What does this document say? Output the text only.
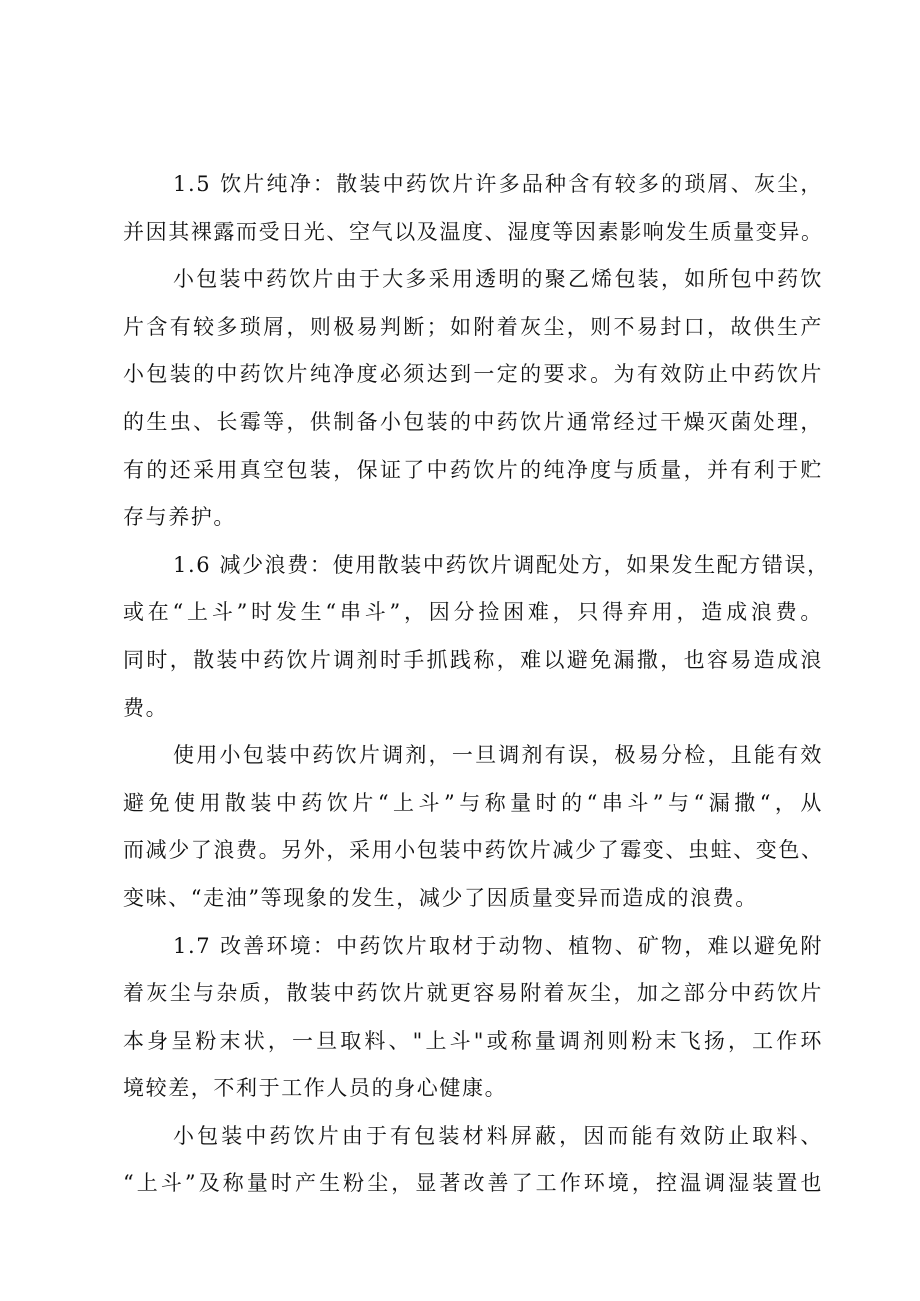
1.5 饮片纯净：散装中药饮片许多品种含有较多的琐屑、灰尘，
并因其裸露而受日光、空气以及温度、湿度等因素影响发生质量变异。
小包装中药饮片由于大多采用透明的聚乙烯包装，如所包中药饮
片含有较多琐屑，则极易判断；如附着灰尘，则不易封口，故供生产
小包装的中药饮片纯净度必须达到一定的要求。为有效防止中药饮片
的生虫、长霉等，供制备小包装的中药饮片通常经过干燥灭菌处理，
有的还采用真空包装，保证了中药饮片的纯净度与质量，并有利于贮
存与养护。
1.6 减少浪费：使用散装中药饮片调配处方，如果发生配方错误，
或在“上斗”时发生“串斗”，因分捡困难，只得弃用，造成浪费。
同时，散装中药饮片调剂时手抓践称，难以避免漏撒，也容易造成浪
费。
使用小包装中药饮片调剂，一旦调剂有误，极易分检，且能有效
避免使用散装中药饮片“上斗”与称量时的“串斗”与“漏撒“，从
而减少了浪费。另外，采用小包装中药饮片减少了霉变、虫蛀、变色、
变味、“走油”等现象的发生，减少了因质量变异而造成的浪费。
1.7 改善环境：中药饮片取材于动物、植物、矿物，难以避免附
着灰尘与杂质，散装中药饮片就更容易附着灰尘，加之部分中药饮片
本身呈粉末状，一旦取料、"上斗"或称量调剂则粉末飞扬，工作环
境较差，不利于工作人员的身心健康。
小包装中药饮片由于有包装材料屏蔽，因而能有效防止取料、
“上斗”及称量时产生粉尘，显著改善了工作环境，控温调湿装置也
